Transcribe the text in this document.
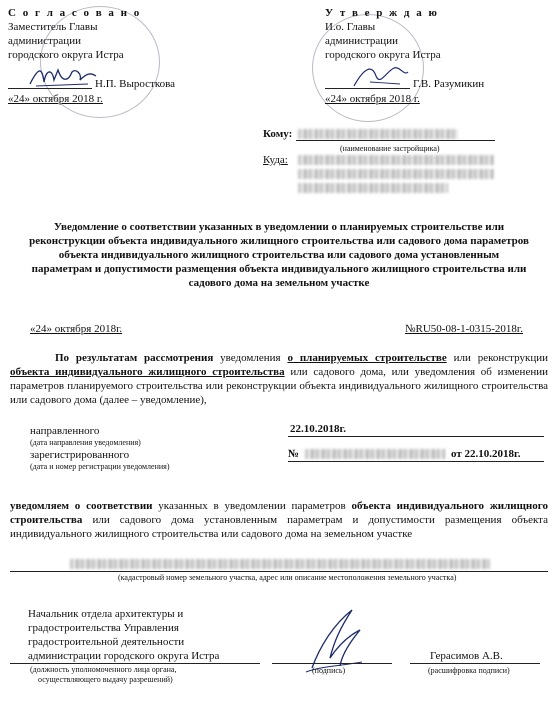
С о г л а с о в а н о
Заместитель Главы
администрации
городского округа Истра
Н.П. Выросткова
«24» октября 2018 г.
У т в е р ж д а ю
И.о. Главы
администрации
городского округа Истра
Г.В. Разумикин
«24» октября 2018 г.
Кому:
(наименование застройщика)
Куда:
Уведомление о соответствии указанных в уведомлении о планируемых строительстве или реконструкции объекта индивидуального жилищного строительства или садового дома параметров объекта индивидуального жилищного строительства или садового дома установленным параметрам и допустимости размещения объекта индивидуального жилищного строительства или садового дома на земельном участке
«24» октября 2018г.	№RU50-08-1-0315-2018г.
По результатам рассмотрения уведомления о планируемых строительстве или реконструкции объекта индивидуального жилищного строительства или садового дома, или уведомления об изменении параметров планируемого строительства или реконструкции объекта индивидуального жилищного строительства или садового дома (далее – уведомление),
направленного
(дата направления уведомления)
22.10.2018г.
зарегистрированного
(дата и номер регистрации уведомления)
№	от 22.10.2018г.
уведомляем о соответствии указанных в уведомлении параметров объекта индивидуального жилищного строительства или садового дома установленным параметрам и допустимости размещения объекта индивидуального жилищного строительства или садового дома на земельном участке
(кадастровый номер земельного участка, адрес или описание местоположения земельного участка)
Начальник отдела архитектуры и
градостроительства Управления
градостроительной деятельности
администрации городского округа Истра
(должность уполномоченного лица органа,
осуществляющего выдачу разрешений)
(подпись)
Герасимов А.В.
(расшифровка подписи)
